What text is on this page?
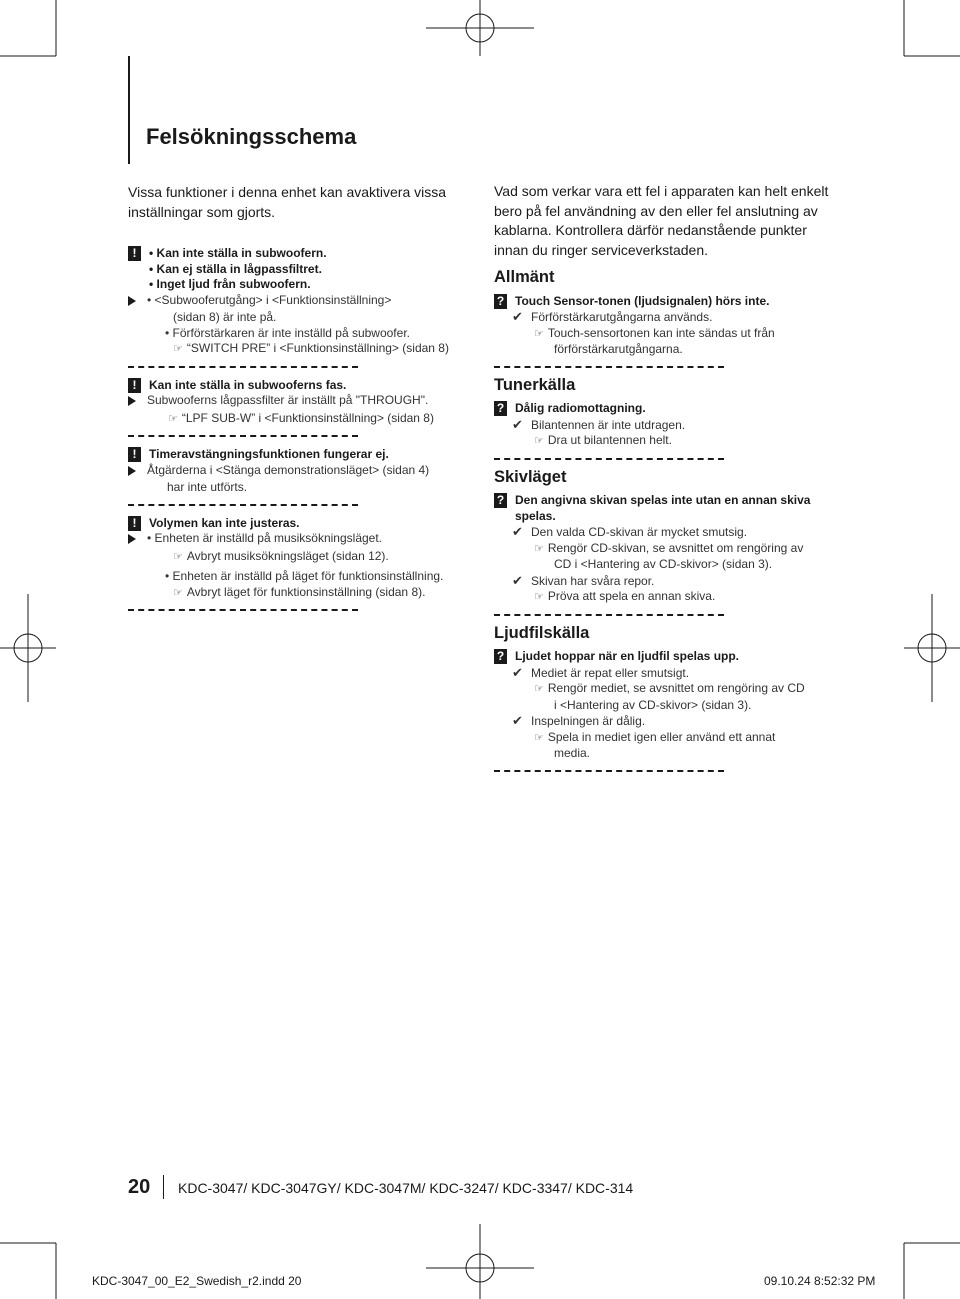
Felsökningsschema

Vissa funktioner i denna enhet kan avaktivera vissa inställningar som gjorts.

!	• Kan inte ställa in subwoofern.
• Kan ej ställa in lågpassfiltret.
• Inget ljud från subwoofern.
• <Subwooferutgång> i <Funktionsinställning>
(sidan 8) är inte på.
• Förförstärkaren är inte inställd på subwoofer.
☞ “SWITCH PRE” i <Funktionsinställning> (sidan 8)
!	Kan inte ställa in subwooferns fas.
Subwooferns lågpassfilter är inställt på "THROUGH".
☞ “LPF SUB-W” i <Funktionsinställning> (sidan 8)
!	Timeravstängningsfunktionen fungerar ej.
Åtgärderna i <Stänga demonstrationsläget> (sidan 4)
har inte utförts.
!	Volymen kan inte justeras.
• Enheten är inställd på musiksökningsläget.
☞ Avbryt musiksökningsläget (sidan 12).
• Enheten är inställd på läget för funktionsinställning.
☞ Avbryt läget för funktionsinställning (sidan 8).

Vad som verkar vara ett fel i apparaten kan helt enkelt bero på fel användning av den eller fel anslutning av kablarna. Kontrollera därför nedanstående punkter innan du ringer serviceverkstaden.

Allmänt
? Touch Sensor-tonen (ljudsignalen) hörs inte.
✔ Förförstärkarutgångarna används.
☞ Touch-sensortonen kan inte sändas ut från
förförstärkarutgångarna.
Tunerkälla
? Dålig radiomottagning.
✔ Bilantennen är inte utdragen.
☞ Dra ut bilantennen helt.
Skivläget
? Den angivna skivan spelas inte utan en annan skiva spelas.
✔ Den valda CD-skivan är mycket smutsig.
☞ Rengör CD-skivan, se avsnittet om rengöring av
CD i <Hantering av CD-skivor> (sidan 3).
✔ Skivan har svåra repor.
☞ Pröva att spela en annan skiva.
Ljudfilskälla
? Ljudet hoppar när en ljudfil spelas upp.
✔ Mediet är repat eller smutsigt.
☞ Rengör mediet, se avsnittet om rengöring av CD
i <Hantering av CD-skivor> (sidan 3).
✔ Inspelningen är dålig.
☞ Spela in mediet igen eller använd ett annat
media.
20 KDC-3047/ KDC-3047GY/ KDC-3047M/ KDC-3247/ KDC-3347/ KDC-314
KDC-3047_00_E2_Swedish_r2.indd 20	09.10.24 8:52:32 PM
